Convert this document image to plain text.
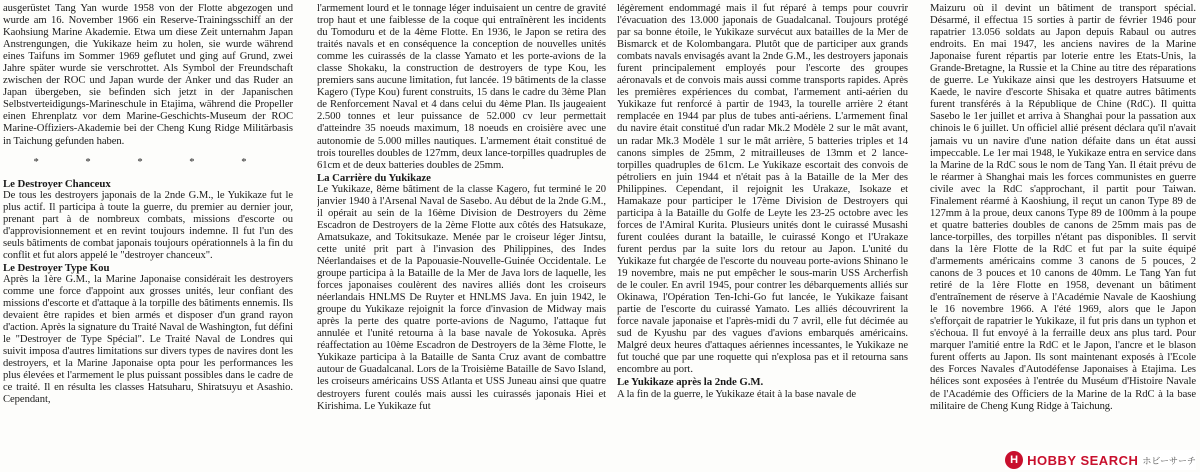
ausgerüstet Tang Yan wurde 1958 von der Flotte abgezogen und wurde am 16. November 1966 ein Reserve-Trainingsschiff an der Kaohsiung Marine Akademie. Etwa um diese Zeit unternahm Japan Anstrengungen, die Yukikaze heim zu holen, sie wurde während eines Taifuns im Sommer 1969 geflutet und ging auf Grund, zwei Jahre später wurde sie verschrottet. Als Symbol der Freundschaft zwischen der ROC und Japan wurde der Anker und das Ruder an Japan übergeben, sie befinden sich jetzt in der Japanischen Selbstverteidigungs-Marineschule in Etajima, während die Propeller einen Ehrenplatz vor dem Marine-Geschichts-Museum der ROC Marine-Offiziers-Akademie bei der Cheng Kung Ridge Militärbasis in Taichung gefunden haben.

* * * * *
Le Destroyer Chanceux

De tous les destroyers japonais de la 2nde G.M., le Yukikaze fut le plus actif. Il participa à toute la guerre, du premier au dernier jour, prenant part à de nombreux combats, missions d'escorte ou d'approvisionnement et en revint toujours indemne. Il fut l'un des seuls bâtiments de combat japonais toujours opérationnels à la fin du conflit et fut alors appelé le "destroyer chanceux".

Le Destroyer Type Kou

Après la 1ère G.M., la Marine Japonaise considérait les destroyers comme une force d'appoint aux grosses unités, leur confiant des missions d'escorte et d'attaque à la torpille des bâtiments ennemis. Ils devaient être rapides et bien armés et disposer d'un grand rayon d'action. Après la signature du Traité Naval de Washington, fut défini le "Destroyer de Type Spécial". Le Traité Naval de Londres qui suivit imposa d'autres limitations sur divers types de navires dont les destroyers, et la Marine Japonaise opta pour les performances les plus élevées et l'armement le plus puissant possibles dans le cadre de ce traité. Il en résulta les classes Hatsuharu, Shiratsuyu et Asashio. Cependant,

l'armement lourd et le tonnage léger induisaient un centre de gravité trop haut et une faiblesse de la coque qui entraînèrent les incidents du Tomoduru et de la 4ème Flotte. En 1936, le Japon se retira des traités navals et en conséquence la conception de nouvelles unités comme les cuirassés de la classe Yamato et les porte-avions de la classe Shokaku, la construction de destroyers de type Kou, les premiers sans aucune limitation, fut lancée. 19 bâtiments de la classe Kagero (Type Kou) furent construits, 15 dans le cadre du 3ème Plan de Renforcement Naval et 4 dans celui du 4ème Plan. Ils jaugeaient 2.500 tonnes et leur puissance de 52.000 cv leur permettait d'atteindre 35 noeuds maximum, 18 noeuds en croisière avec une autonomie de 5.000 milles nautiques. L'armement était constitué de trois tourelles doubles de 127mm, deux lance-torpilles quadruples de 61cm et de deux batteries doubles de 25mm.

La Carrière du Yukikaze

Le Yukikaze, 8ème bâtiment de la classe Kagero, fut terminé le 20 janvier 1940 à l'Arsenal Naval de Sasebo. Au début de la 2nde G.M., il opérait au sein de la 16ème Division de Destroyers du 2ème Escadron de Destroyers de la 2ème Flotte aux côtés des Hatsukaze, Amatsukaze, and Tokitsukaze. Menée par le croiseur léger Jintsu, cette unité prit part à l'invasion des Philippines, des Indes Néerlandaises et de la Papouasie-Nouvelle-Guinée Occidentale. Le groupe participa à la Bataille de la Mer de Java lors de laquelle, les forces japonaises coulèrent des navires alliés dont les croiseurs néerlandais HNLMS De Ruyter et HNLMS Java. En juin 1942, le groupe du Yukikaze rejoignit la force d'invasion de Midway mais après la perte des quatre porte-avions de Nagumo, l'attaque fut annulée et l'unité retourna à la base navale de Yokosuka. Après réaffectation au 10ème Escadron de Destroyers de la 3ème Flotte, le Yukikaze participa à la Bataille de Santa Cruz avant de combattre autour de Guadalcanal. Lors de la Troisième Bataille de Savo Island, les croiseurs américains USS Atlanta et USS Juneau ainsi que quatre destroyers furent coulés mais aussi les cuirassés japonais Hiei et Kirishima. Le Yukikaze fut

légèrement endommagé mais il fut réparé à temps pour couvrir l'évacuation des 13.000 japonais de Guadalcanal. Toujours protégé par sa bonne étoile, le Yukikaze survécut aux batailles de la Mer de Bismarck et de Kolombangara. Plutôt que de participer aux grands combats navals envisagés avant la 2nde G.M., les destroyers japonais furent principalement employés pour l'escorte des groupes aéronavals et de convois mais aussi comme transports rapides. Après les premières expériences du combat, l'armement anti-aérien du Yukikaze fut renforcé à partir de 1943, la tourelle arrière 2 étant remplacée en 1944 par plus de tubes anti-aériens. L'armement final du navire était constitué d'un radar Mk.2 Modèle 2 sur le mât avant, un radar Mk.3 Modèle 1 sur le mât arrière, 5 batteries triples et 14 canons simples de 25mm, 2 mitrailleuses de 13mm et 2 lance-torpilles quadruples de 61cm. Le Yukikaze escortait des convois de pétroliers en juin 1944 et n'était pas à la Bataille de la Mer des Philippines. Cependant, il rejoignit les Urakaze, Isokaze et Hamakaze pour participer le 17ème Division de Destroyers qui participa à la Bataille du Golfe de Leyte les 23-25 octobre avec les forces de l'Amiral Kurita. Plusieurs unités dont le cuirassé Musashi furent coulées durant la bataille, le cuirassé Kongo et l'Urakaze furent perdus par la suite lors du retour au Japon. L'unité du Yukikaze fut chargée de l'escorte du nouveau porte-avions Shinano le 19 novembre, mais ne put empêcher le sous-marin USS Archerfish de le couler. En avril 1945, pour contrer les débarquements alliés sur Okinawa, l'Opération Ten-Ichi-Go fut lancée, le Yukikaze faisant partie de l'escorte du cuirassé Yamato. Les alliés découvrirent la force navale japonaise et l'après-midi du 7 avril, elle fut décimée au sud de Kyushu par des vagues d'avions embarqués américains. Malgré deux heures d'attaques aériennes incessantes, le Yukikaze ne fut touché que par une roquette qui n'explosa pas et il retourna sans encombre au port.

Le Yukikaze après la 2nde G.M.

A la fin de la guerre, le Yukikaze était à la base navale de

Maizuru où il devint un bâtiment de transport spécial. Désarmé, il effectua 15 sorties à partir de février 1946 pour rapatrier 13.056 soldats au Japon depuis Rabaul ou autres endroits. En mai 1947, les anciens navires de la Marine Japonaise furent répartis par loterie entre les Etats-Unis, la Grande-Bretagne, la Russie et la Chine au titre des réparations de guerre. Le Yukikaze ainsi que les destroyers Hatsuume et Kaede, le navire d'escorte Shisaka et quatre autres bâtiments furent transférés à la République de Chine (RdC). Il quitta Sasebo le 1er juillet et arriva à Shanghai pour la passation aux chinois le 6 juillet. Un officiel allié présent déclara qu'il n'avait jamais vu un navire d'une nation défaite dans un état aussi impeccable. Le 1er mai 1948, le Yukikaze entra en service dans la Marine de la RdC sous le nom de Tang Yan. Il était prévu de le réarmer à Shanghai mais les forces communistes en guerre civile avec la RdC s'approchant, il partit pour Taiwan. Finalement réarmé à Kaoshiung, il reçut un canon Type 89 de 127mm à la proue, deux canons Type 89 de 100mm à la poupe et quatre batteries doubles de canons de 25mm mais pas de lance-torpilles, des torpilles n'étant pas disponibles. Il servit dans la 1ère Flotte de la RdC et fut par la suite équipé d'armements américains comme 3 canons de 5 pouces, 2 canons de 3 pouces et 10 canons de 40mm. Le Tang Yan fut retiré de la 1ère Flotte en 1958, devenant un bâtiment d'entraînement de réserve à l'Académie Navale de Kaoshiung le 16 novembre 1966. A l'été 1969, alors que le Japon s'efforçait de rapatrier le Yukikaze, il fut pris dans un typhon et s'échoua. Il fut envoyé à la ferraille deux ans plus tard. Pour marquer l'amitié entre la RdC et le Japon, l'ancre et le blason furent offerts au Japon. Ils sont maintenant exposés à l'Ecole des Forces Navales d'Autodéfense Japonaises à Etajima. Les hélices sont exposées à l'entrée du Muséum d'Histoire Navale de l'Académie des Officiers de la Marine de la RdC à la base militaire de Cheng Kung Ridge à Taichung.

H HOBBY SEARCH ホビーサーチ
